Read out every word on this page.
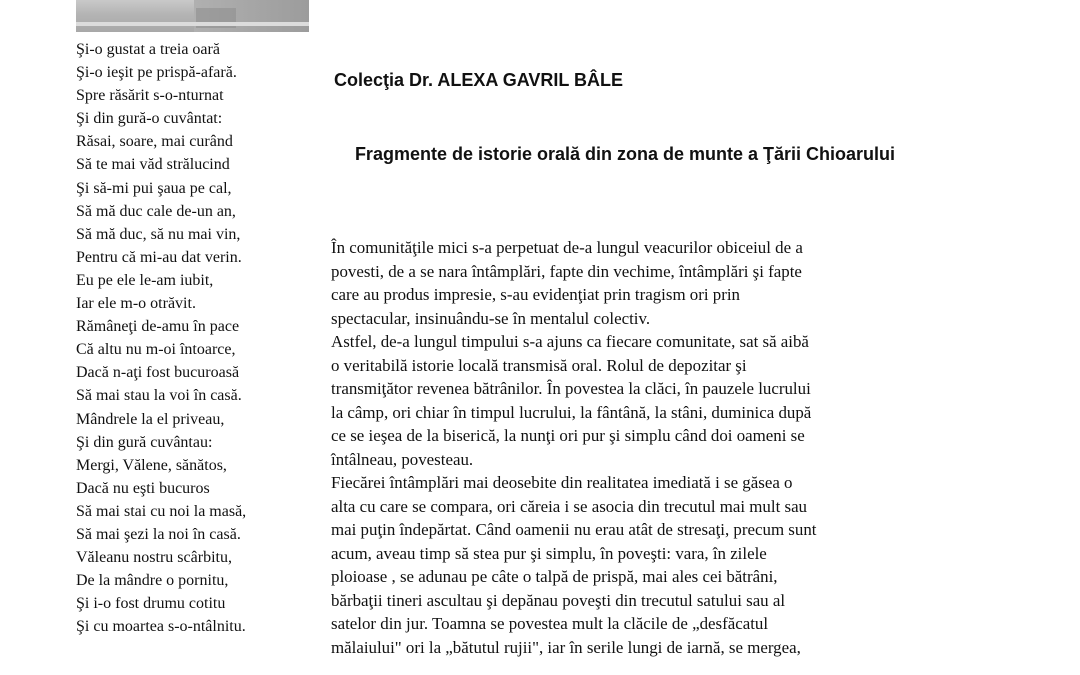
Şi-o gustat a treia oară
Şi-o ieşit pe prispă-afară.
Spre răsărit s-o-nturnat
Şi din gură-o cuvântat:
Răsai, soare, mai curând
Să te mai văd strălucind
Şi să-mi pui şaua pe cal,
Să mă duc cale de-un an,
Să mă duc, să nu mai vin,
Pentru că mi-au dat verin.
Eu pe ele le-am iubit,
Iar ele m-o otrăvit.
Rămâneţi de-amu în pace
Că altu nu m-oi întoarce,
Dacă n-aţi fost bucuroasă
Să mai stau la voi în casă.
Mândrele la el priveau,
Şi din gură cuvântau:
Mergi, Vălene, sănătos,
Dacă nu eşti bucuros
Să mai stai cu noi la masă,
Să mai şezi la noi în casă.
Văleanu nostru scârbitu,
De la mândre o pornitu,
Şi i-o fost drumu cotitu
Şi cu moartea s-o-ntâlnitu.
Colecţia Dr. ALEXA GAVRIL BÂLE
Fragmente de istorie orală din zona de munte a Ţării Chioarului
În comunităţile mici s-a perpetuat de-a lungul veacurilor obiceiul de a
povesti, de a se nara întâmplări, fapte din vechime, întâmplări şi fapte
care au produs impresie, s-au evidenţiat prin tragism ori prin
spectacular, insinuându-se în mentalul colectiv.
Astfel, de-a lungul timpului s-a ajuns ca fiecare comunitate, sat să aibă
o veritabilă istorie locală transmisă oral. Rolul de depozitar şi
transmiţător revenea bătrânilor. În povestea la clăci, în pauzele lucrului
la câmp, ori chiar în timpul lucrului, la fântână, la stâni, duminica după
ce se ieşea de la biserică, la nunţi ori pur şi simplu când doi oameni se
întâlneau, povesteau.
Fiecărei întâmplări mai deosebite din realitatea imediată i se găsea o
alta cu care se compara, ori căreia i se asocia din trecutul mai mult sau
mai puţin îndepărtat. Când oamenii nu erau atât de stresaţi, precum sunt
acum, aveau timp să stea pur şi simplu, în poveşti: vara, în zilele
ploioase , se adunau pe câte o talpă de prispă, mai ales cei bătrâni,
bărbaţii tineri ascultau şi depănau poveşti din trecutul satului sau al
satelor din jur. Toamna se povestea mult la clăcile de „desfăcatul
mălaiului" ori la „bătutul rujii", iar în serile lungi de iarnă, se mergea,
